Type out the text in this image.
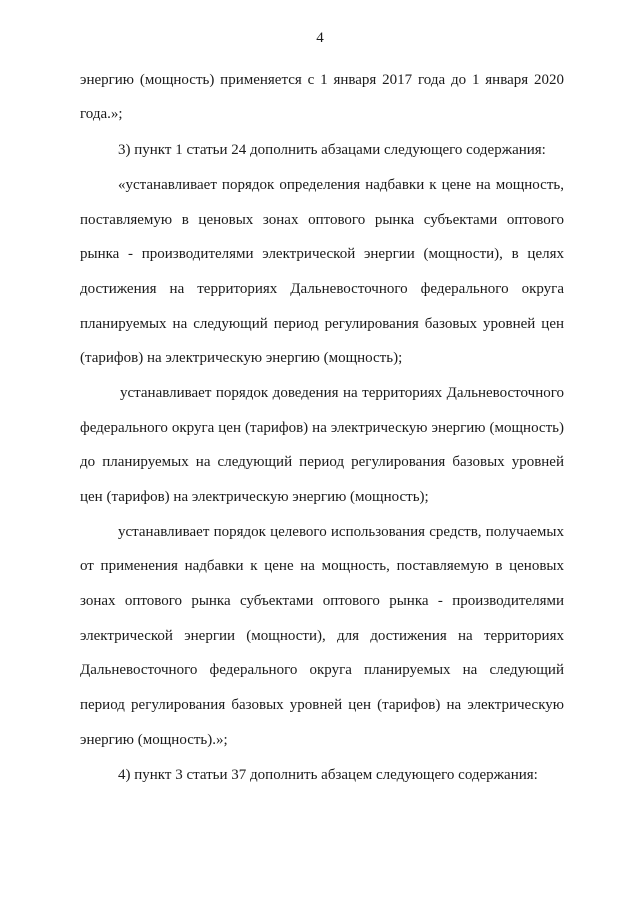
4
энергию (мощность) применяется с 1 января 2017 года до 1 января 2020
года.»;
3) пункт 1 статьи 24 дополнить абзацами следующего содержания:
«устанавливает порядок определения надбавки к цене на мощность,
поставляемую в ценовых зонах оптового рынка субъектами оптового
рынка - производителями электрической энергии (мощности), в целях
достижения на территориях Дальневосточного федерального округа
планируемых на следующий период регулирования базовых уровней цен
(тарифов) на электрическую энергию (мощность);
устанавливает порядок доведения на территориях Дальневосточного
федерального округа цен (тарифов) на электрическую энергию (мощность)
до планируемых на следующий период регулирования базовых уровней
цен (тарифов) на электрическую энергию (мощность);
устанавливает порядок целевого использования средств, получаемых
от применения надбавки к цене на мощность, поставляемую в ценовых
зонах оптового рынка субъектами оптового рынка - производителями
электрической энергии (мощности), для достижения на территориях
Дальневосточного федерального округа планируемых на следующий
период регулирования базовых уровней цен (тарифов) на электрическую
энергию (мощность).»;
4) пункт 3 статьи 37 дополнить абзацем следующего содержания:
